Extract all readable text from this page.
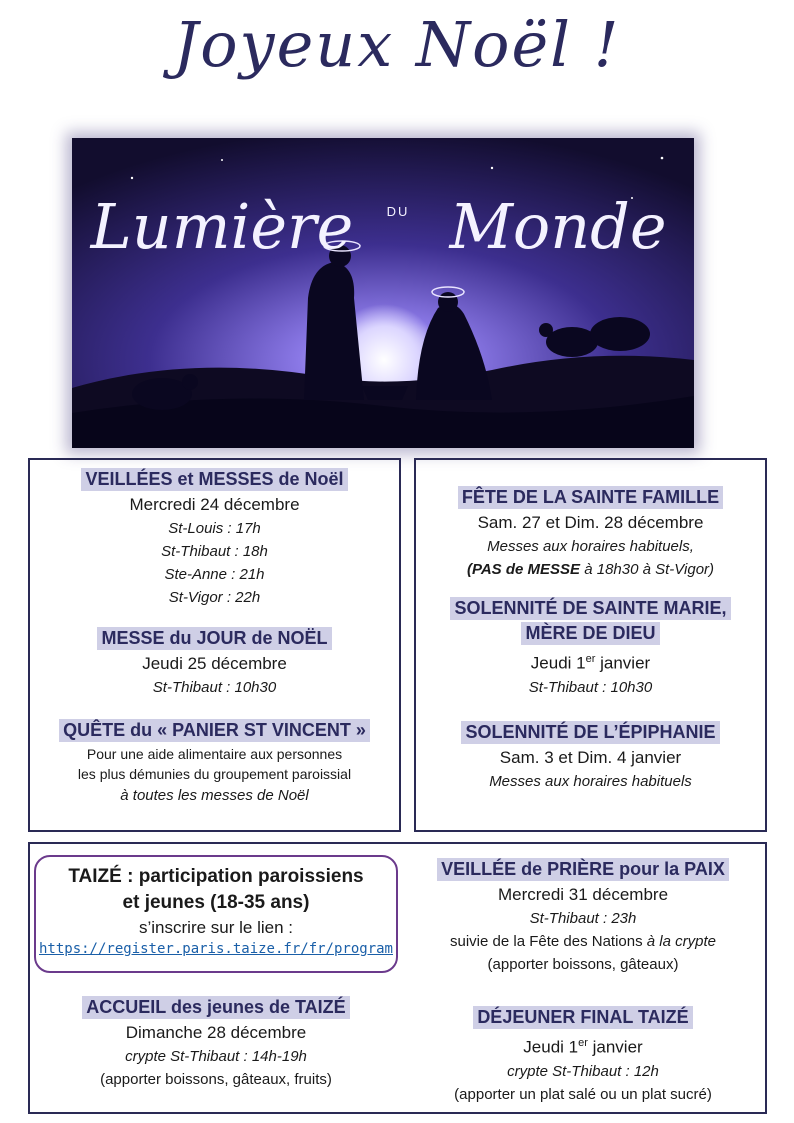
Joyeux Noël !
Lumière	DU Monde
VEILLÉES et MESSES de Noël
Mercredi 24 décembre
St-Louis : 17h
St-Thibaut : 18h
Ste-Anne : 21h
St-Vigor : 22h
MESSE du JOUR de NOËL
Jeudi 25 décembre
St-Thibaut : 10h30
QUÊTE du « PANIER ST VINCENT »
Pour une aide alimentaire aux personnes
les plus démunies du groupement paroissial
à toutes les messes de Noël
FÊTE DE LA SAINTE FAMILLE
Sam. 27 et Dim. 28 décembre
Messes aux horaires habituels,
(PAS de MESSE à 18h30 à St-Vigor)
SOLENNITÉ DE SAINTE MARIE,
MÈRE DE DIEU
Jeudi 1er janvier
St-Thibaut : 10h30
SOLENNITÉ DE L’ÉPIPHANIE
Sam. 3 et Dim. 4 janvier
Messes aux horaires habituels
TAIZÉ : participation paroissiens
et jeunes (18-35 ans)
s’inscrire sur le lien :
https://register.paris.taize.fr/fr/program
ACCUEIL des jeunes de TAIZÉ
Dimanche 28 décembre
crypte St-Thibaut : 14h-19h
(apporter boissons, gâteaux, fruits)
VEILLÉE de PRIÈRE pour la PAIX
Mercredi 31 décembre
St-Thibaut : 23h
suivie de la Fête des Nations à la crypte
(apporter boissons, gâteaux)
DÉJEUNER FINAL TAIZÉ
Jeudi 1er janvier
crypte St-Thibaut : 12h
(apporter un plat salé ou un plat sucré)
